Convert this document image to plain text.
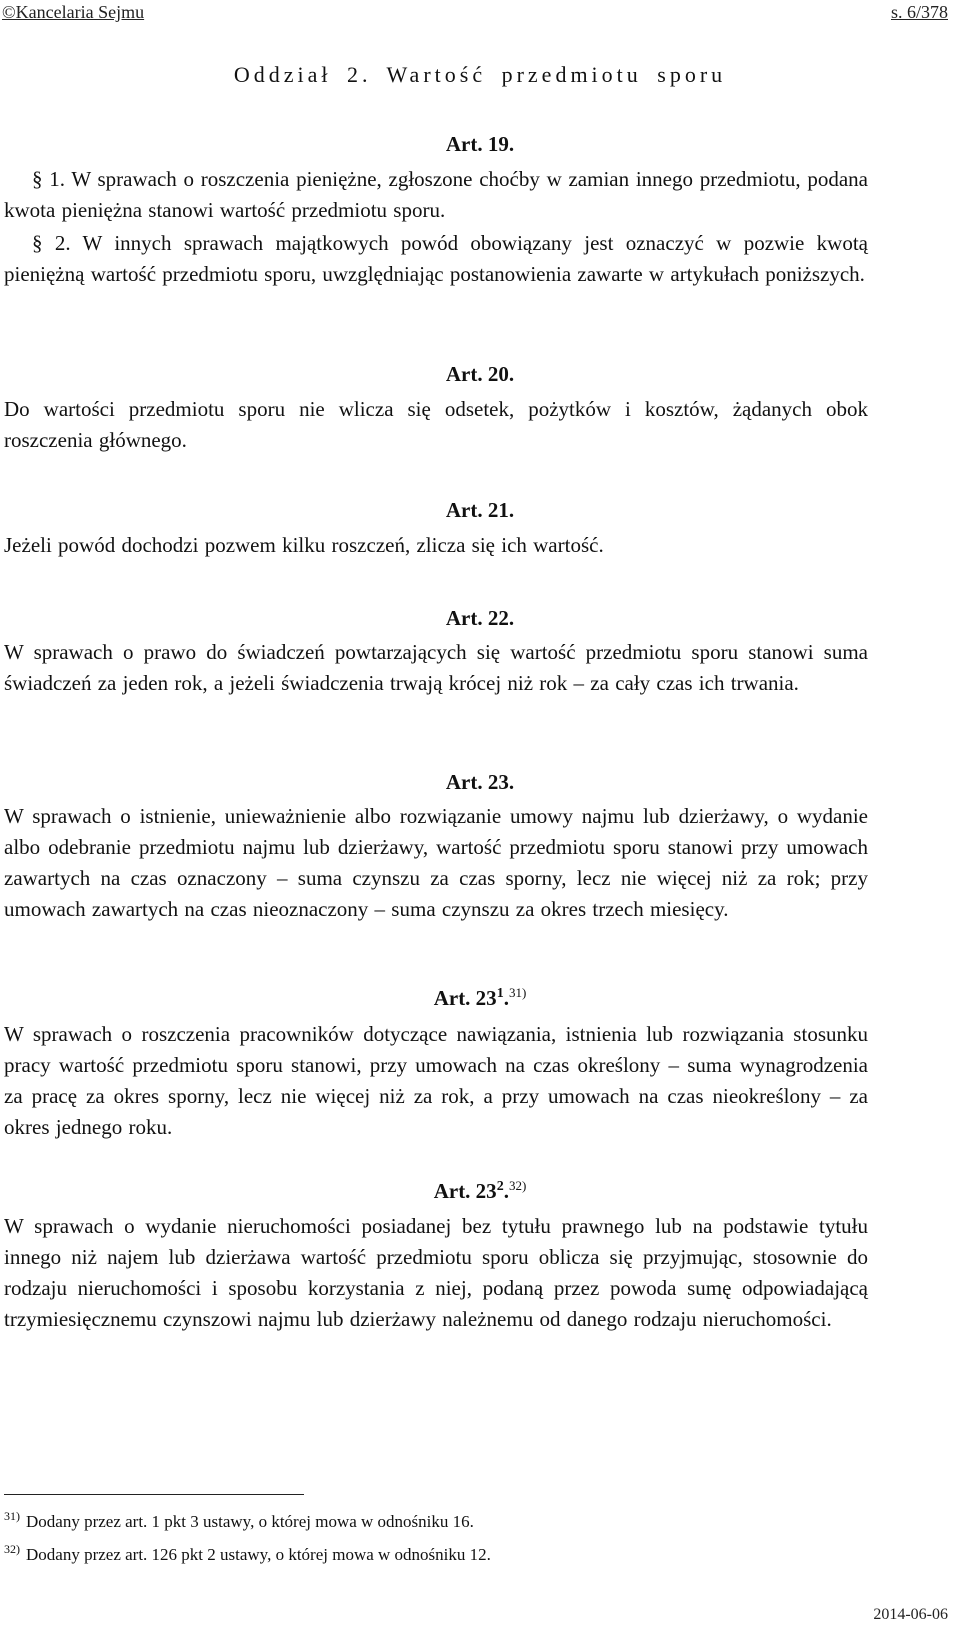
©Kancelaria Sejmu	s. 6/378
Oddział 2. Wartość przedmiotu sporu
Art. 19.
§ 1. W sprawach o roszczenia pieniężne, zgłoszone choćby w zamian innego przedmiotu, podana kwota pieniężna stanowi wartość przedmiotu sporu.
§ 2. W innych sprawach majątkowych powód obowiązany jest oznaczyć w pozwie kwotą pieniężną wartość przedmiotu sporu, uwzględniając postanowienia zawarte w artykułach poniższych.
Art. 20.
Do wartości przedmiotu sporu nie wlicza się odsetek, pożytków i kosztów, żądanych obok roszczenia głównego.
Art. 21.
Jeżeli powód dochodzi pozwem kilku roszczeń, zlicza się ich wartość.
Art. 22.
W sprawach o prawo do świadczeń powtarzających się wartość przedmiotu sporu stanowi suma świadczeń za jeden rok, a jeżeli świadczenia trwają krócej niż rok – za cały czas ich trwania.
Art. 23.
W sprawach o istnienie, unieważnienie albo rozwiązanie umowy najmu lub dzierżawy, o wydanie albo odebranie przedmiotu najmu lub dzierżawy, wartość przedmiotu sporu stanowi przy umowach zawartych na czas oznaczony – suma czynszu za czas sporny, lecz nie więcej niż za rok; przy umowach zawartych na czas nieoznaczony – suma czynszu za okres trzech miesięcy.
Art. $23^1.^{31)}$
W sprawach o roszczenia pracowników dotyczące nawiązania, istnienia lub rozwiązania stosunku pracy wartość przedmiotu sporu stanowi, przy umowach na czas określony – suma wynagrodzenia za pracę za okres sporny, lecz nie więcej niż za rok, a przy umowach na czas nieokreślony – za okres jednego roku.
Art. $23^2.^{32)}$
W sprawach o wydanie nieruchomości posiadanej bez tytułu prawnego lub na podstawie tytułu innego niż najem lub dzierżawa wartość przedmiotu sporu oblicza się przyjmując, stosownie do rodzaju nieruchomości i sposobu korzystania z niej, podaną przez powoda sumę odpowiadającą trzymiesięcznemu czynszowi najmu lub dzierżawy należnemu od danego rodzaju nieruchomości.
$^{31)}$ Dodany przez art. 1 pkt 3 ustawy, o której mowa w odnośniku 16.
$^{32)}$ Dodany przez art. 126 pkt 2 ustawy, o której mowa w odnośniku 12.
2014-06-06
